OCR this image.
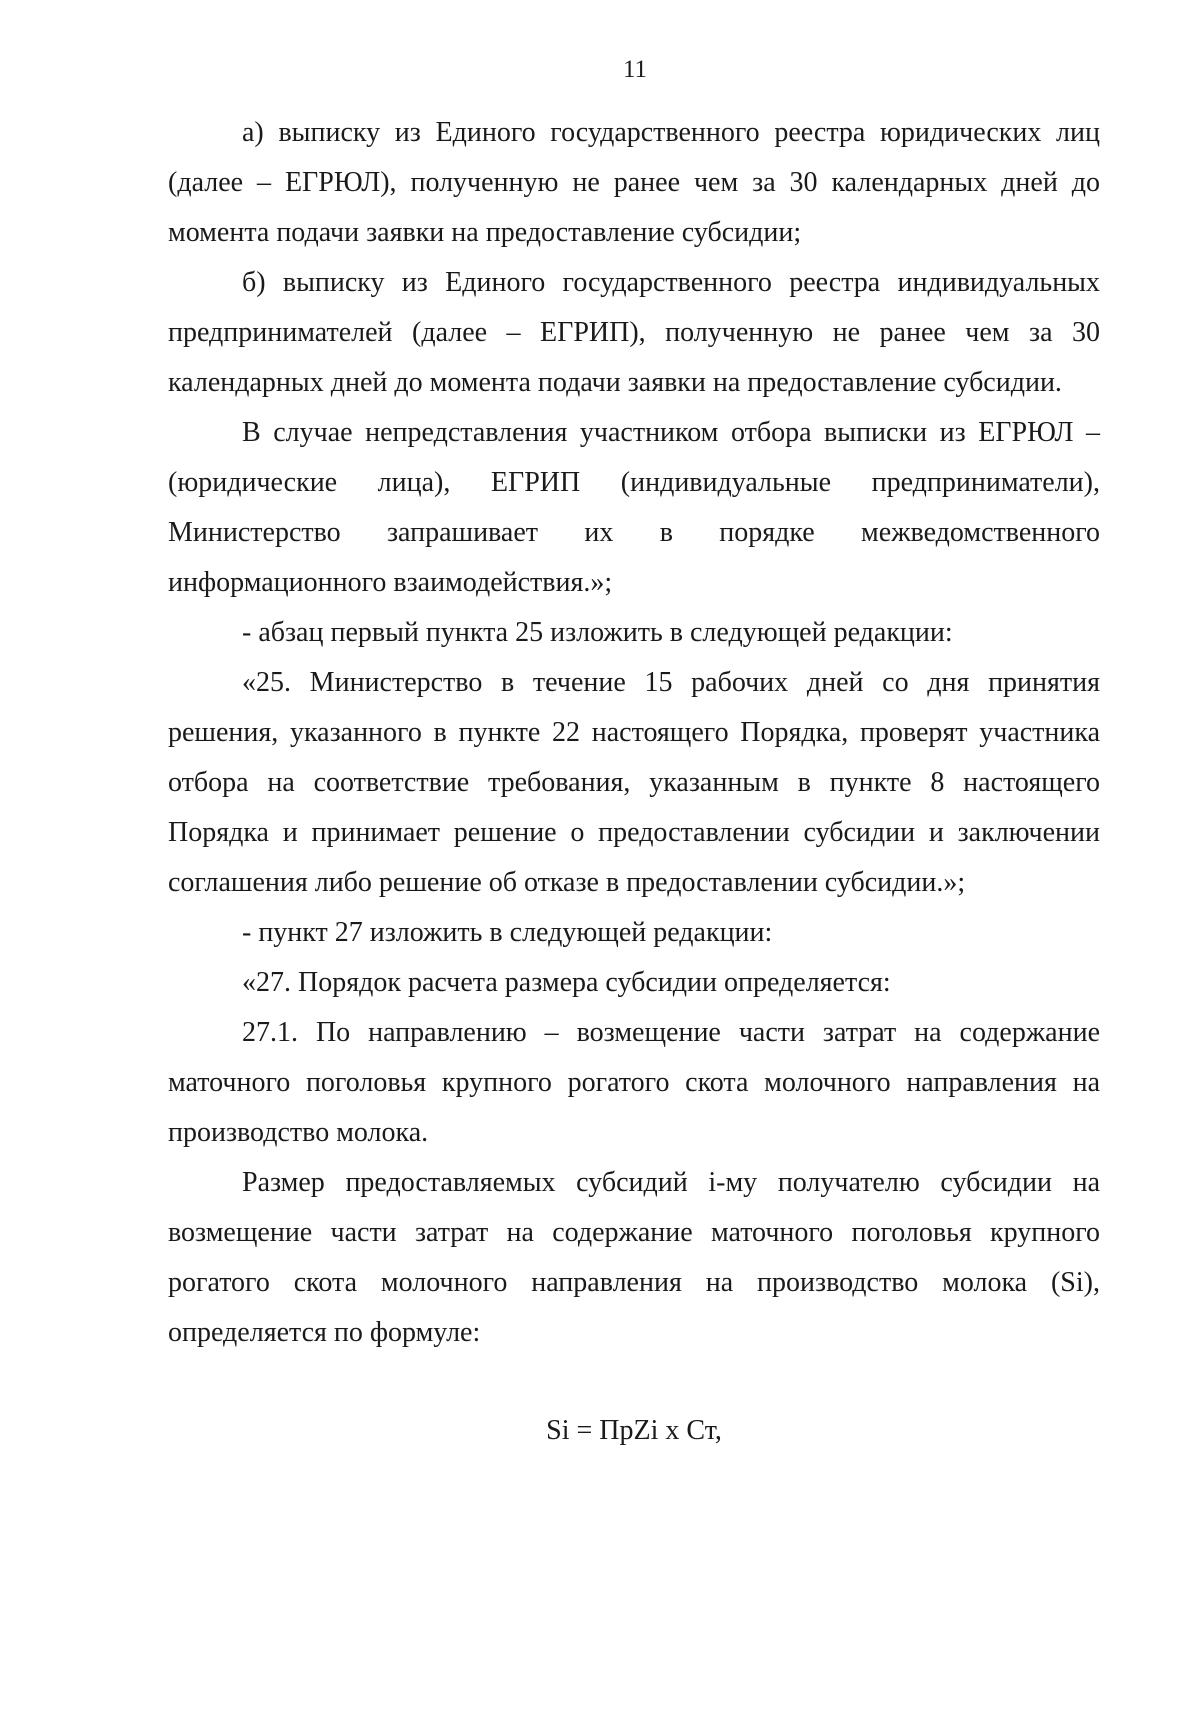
11

а) выписку из Единого государственного реестра юридических лиц (далее – ЕГРЮЛ), полученную не ранее чем за 30 календарных дней до момента подачи заявки на предоставление субсидии;

б) выписку из Единого государственного реестра индивидуальных предпринимателей (далее – ЕГРИП), полученную не ранее чем за 30 календарных дней до момента подачи заявки на предоставление субсидии.

В случае непредставления участником отбора выписки из ЕГРЮЛ – (юридические лица), ЕГРИП (индивидуальные предприниматели), Министерство запрашивает их в порядке межведомственного информационного взаимодействия.»;

- абзац первый пункта 25 изложить в следующей редакции:

«25. Министерство в течение 15 рабочих дней со дня принятия решения, указанного в пункте 22 настоящего Порядка, проверят участника отбора на соответствие требования, указанным в пункте 8 настоящего Порядка и принимает решение о предоставлении субсидии и заключении соглашения либо решение об отказе в предоставлении субсидии.»;

- пункт 27 изложить в следующей редакции:

«27. Порядок расчета размера субсидии определяется:

27.1. По направлению – возмещение части затрат на содержание маточного поголовья крупного рогатого скота молочного направления на производство молока.

Размер предоставляемых субсидий i-му получателю субсидии на возмещение части затрат на содержание маточного поголовья крупного рогатого скота молочного направления на производство молока (Si), определяется по формуле:

Si = ПрZi х Ст,
